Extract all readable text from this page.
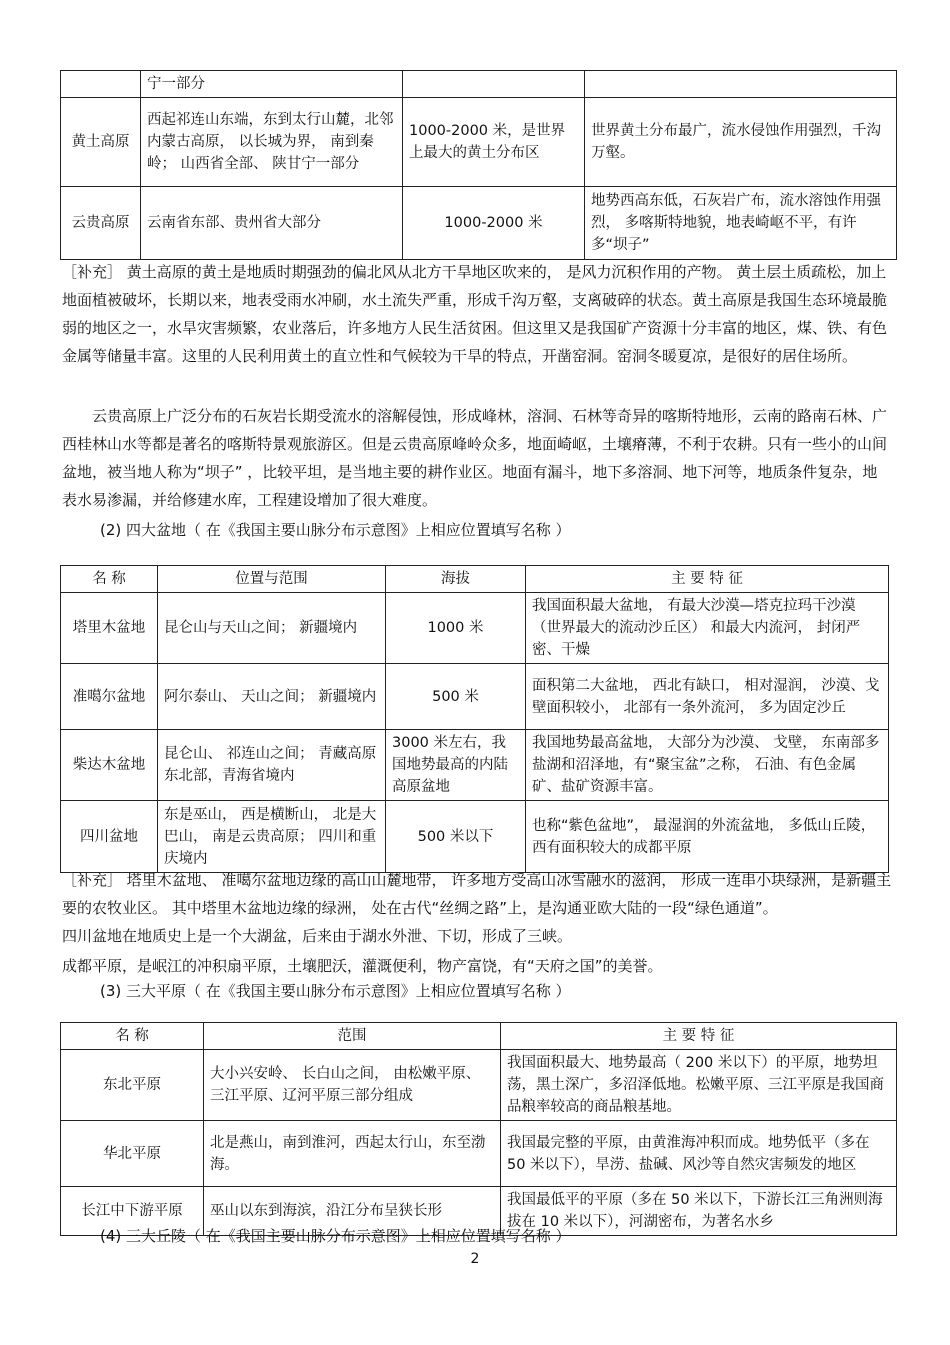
	宁一部分		
黄土高原	西起祁连山东端，东到太行山麓，北邻内蒙古高原， 以长城为界， 南到秦岭； 山西省全部、 陕甘宁一部分	1000-2000 米，是世界上最大的黄土分布区	世界黄土分布最广，流水侵蚀作用强烈，千沟万壑。
云贵高原	云南省东部、贵州省大部分	1000-2000 米	地势西高东低，石灰岩广布，流水溶蚀作用强烈， 多喀斯特地貌，地表崎岖不平，有许多“坝子”

［补充］ 黄土高原的黄土是地质时期强劲的偏北风从北方干旱地区吹来的， 是风力沉积作用的产物。 黄土层土质疏松，加上地面植被破坏，长期以来，地表受雨水冲刷，水土流失严重，形成千沟万壑，支离破碎的状态。黄土高原是我国生态环境最脆弱的地区之一，水旱灾害频繁，农业落后，许多地方人民生活贫困。但这里又是我国矿产资源十分丰富的地区，煤、铁、有色金属等储量丰富。这里的人民利用黄土的直立性和气候较为干旱的特点，开凿窑洞。窑洞冬暖夏凉，是很好的居住场所。

云贵高原上广泛分布的石灰岩长期受流水的溶解侵蚀，形成峰林，溶洞、石林等奇异的喀斯特地形，云南的路南石林、广西桂林山水等都是著名的喀斯特景观旅游区。但是云贵高原峰岭众多，地面崎岖，土壤瘠薄，不利于农耕。只有一些小的山间盆地，被当地人称为“坝子” ，比较平坦，是当地主要的耕作业区。地面有漏斗，地下多溶洞、地下河等，地质条件复杂，地表水易渗漏，并给修建水库，工程建设增加了很大难度。

(2) 四大盆地（ 在《我国主要山脉分布示意图》上相应位置填写名称 ）
名 称	位置与范围	海拔	主 要 特 征
塔里木盆地	昆仑山与天山之间； 新疆境内	1000 米	我国面积最大盆地， 有最大沙漠—塔克拉玛干沙漠（世界最大的流动沙丘区） 和最大内流河， 封闭严密、干燥
准噶尔盆地	阿尔泰山、 天山之间； 新疆境内	500 米	面积第二大盆地， 西北有缺口， 相对湿润， 沙漠、戈壁面积较小， 北部有一条外流河， 多为固定沙丘
柴达木盆地	昆仑山、 祁连山之间； 青藏高原东北部，青海省境内	3000 米左右，我国地势最高的内陆高原盆地	我国地势最高盆地， 大部分为沙漠、 戈壁， 东南部多盐湖和沼泽地，有“聚宝盆”之称， 石油、有色金属矿、盐矿资源丰富。
四川盆地	东是巫山， 西是横断山， 北是大巴山， 南是云贵高原； 四川和重庆境内	500 米以下	也称“紫色盆地”， 最湿润的外流盆地， 多低山丘陵， 西有面积较大的成都平原

［补充］ 塔里木盆地、 准噶尔盆地边缘的高山山麓地带， 许多地方受高山冰雪融水的滋润， 形成一连串小块绿洲，是新疆主要的农牧业区。 其中塔里木盆地边缘的绿洲， 处在古代“丝绸之路”上，是沟通亚欧大陆的一段“绿色通道”。

四川盆地在地质史上是一个大湖盆，后来由于湖水外泄、下切，形成了三峡。

成都平原，是岷江的冲积扇平原，土壤肥沃，灌溉便利，物产富饶，有“天府之国”的美誉。

(3) 三大平原（ 在《我国主要山脉分布示意图》上相应位置填写名称 ）
名 称	范围	主 要 特 征
东北平原	大小兴安岭、 长白山之间， 由松嫩平原、三江平原、辽河平原三部分组成	我国面积最大、地势最高（ 200 米以下）的平原，地势坦荡，黑土深广，多沼泽低地。松嫩平原、三江平原是我国商品粮率较高的商品粮基地。
华北平原	北是燕山，南到淮河，西起太行山，东至渤海。	我国最完整的平原，由黄淮海冲积而成。地势低平（多在 50 米以下），旱涝、盐碱、风沙等自然灾害频发的地区
长江中下游平原	巫山以东到海滨，沿江分布呈狭长形	我国最低平的平原（多在 50 米以下，下游长江三角洲则海拔在 10 米以下），河湖密布，为著名水乡
(4) 三大丘陵（ 在《我国主要山脉分布示意图》上相应位置填写名称 ）
2
